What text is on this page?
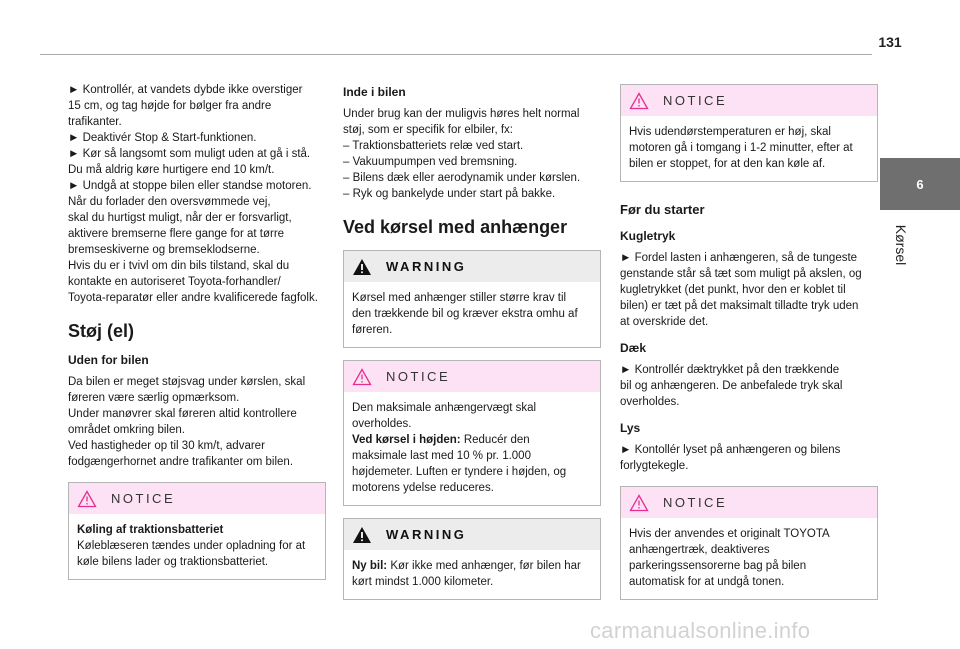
131
6
Kørsel

► Kontrollér, at vandets dybde ikke overstiger
15 cm, og tag højde for bølger fra andre
trafikanter.
► Deaktivér Stop & Start-funktionen.
► Kør så langsomt som muligt uden at gå i stå.
Du må aldrig køre hurtigere end 10 km/t.
► Undgå at stoppe bilen eller standse motoren.
Når du forlader den oversvømmede vej,
skal du hurtigst muligt, når der er forsvarligt,
aktivere bremserne flere gange for at tørre
bremseskiverne og bremseklodserne.
Hvis du er i tvivl om din bils tilstand, skal du
kontakte en autoriseret Toyota-forhandler/
Toyota-reparatør eller andre kvalificerede fagfolk.

Støj (el)
Uden for bilen

Da bilen er meget støjsvag under kørslen, skal
føreren være særlig opmærksom.
Under manøvrer skal føreren altid kontrollere
området omkring bilen.
Ved hastigheder op til 30 km/t, advarer
fodgængerhornet andre trafikanter om bilen.

NOTICE
Køling af traktionsbatteriet

Køleblæseren tændes under opladning for at
køle bilens lader og traktionsbatteriet.

Inde i bilen

Under brug kan der muligvis høres helt normal
støj, som er specifik for elbiler, fx:
– Traktionsbatteriets relæ ved start.
– Vakuumpumpen ved bremsning.
– Bilens dæk eller aerodynamik under kørslen.
– Ryk og bankelyde under start på bakke.

Ved kørsel med anhænger
WARNING

Kørsel med anhænger stiller større krav til
den trækkende bil og kræver ekstra omhu af
føreren.

NOTICE

Den maksimale anhængervægt skal
overholdes.

Ved kørsel i højden: Reducér den
maksimale last med 10 % pr. 1.000
højdemeter. Luften er tyndere i højden, og
motorens ydelse reduceres.

WARNING

Ny bil: Kør ikke med anhænger, før bilen har
kørt mindst 1.000 kilometer.

NOTICE

Hvis udendørstemperaturen er høj, skal
motoren gå i tomgang i 1-2 minutter, efter at
bilen er stoppet, for at den kan køle af.

Før du starter
Kugletryk

► Fordel lasten i anhængeren, så de tungeste
genstande står så tæt som muligt på akslen, og
kugletrykket (det punkt, hvor den er koblet til
bilen) er tæt på det maksimalt tilladte tryk uden
at overskride det.

Dæk

► Kontrollér dæktrykket på den trækkende
bil og anhængeren. De anbefalede tryk skal
overholdes.

Lys

► Kontollér lyset på anhængeren og bilens
forlygtekegle.

NOTICE

Hvis der anvendes et originalt TOYOTA
anhængertræk, deaktiveres
parkeringssensorerne bag på bilen
automatisk for at undgå tonen.

carmanualsonline.info
